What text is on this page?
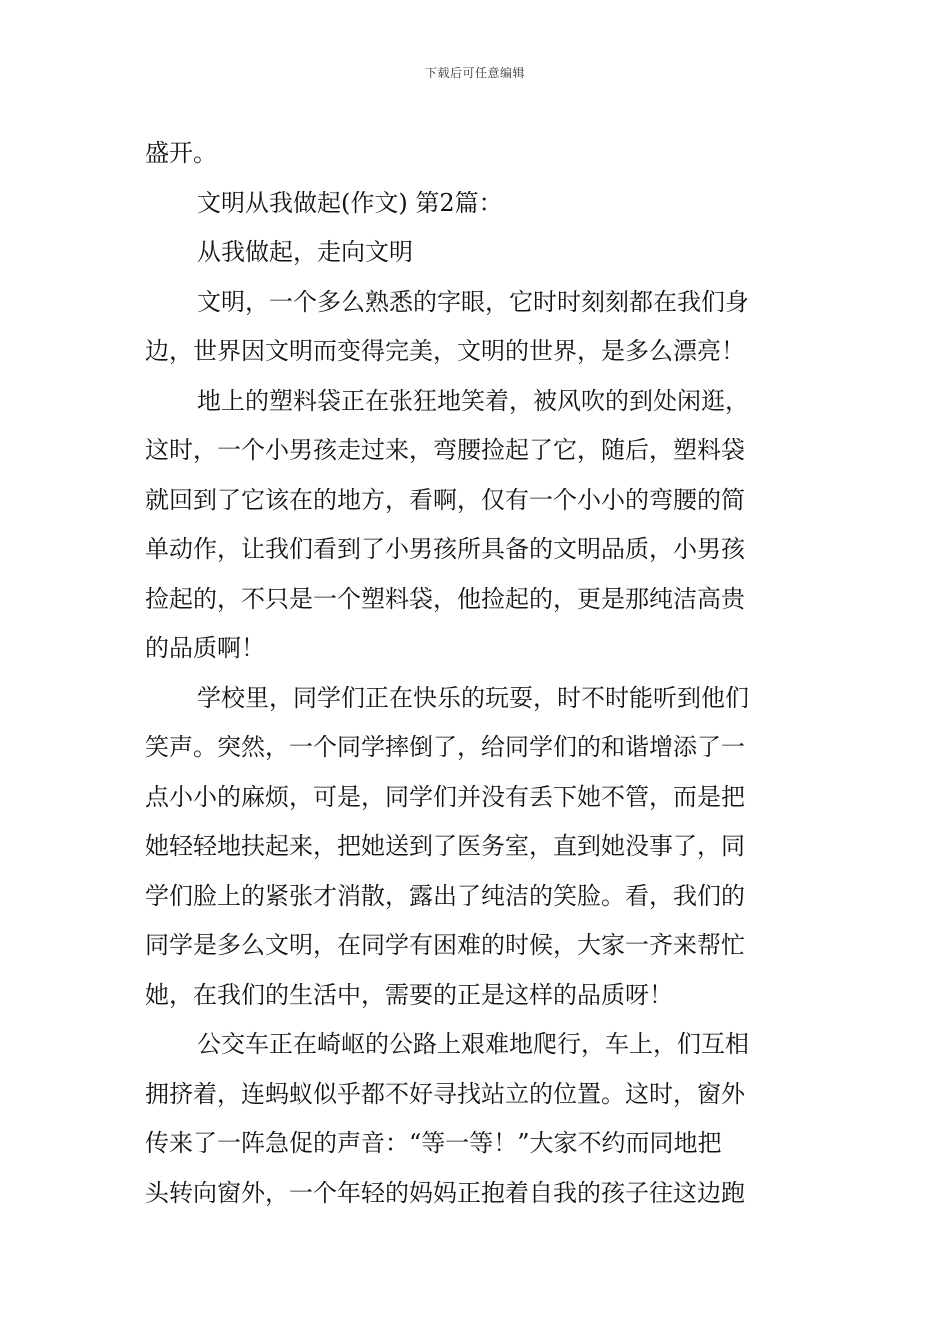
下载后可任意编辑

盛开。

文明从我做起(作文) 第2篇：

从我做起，走向文明

文明，一个多么熟悉的字眼，它时时刻刻都在我们身

边，世界因文明而变得完美，文明的世界，是多么漂亮！

地上的塑料袋正在张狂地笑着，被风吹的到处闲逛，

这时，一个小男孩走过来，弯腰捡起了它，随后，塑料袋

就回到了它该在的地方，看啊，仅有一个小小的弯腰的简

单动作，让我们看到了小男孩所具备的文明品质，小男孩

捡起的，不只是一个塑料袋，他捡起的，更是那纯洁高贵

的品质啊！

学校里，同学们正在快乐的玩耍，时不时能听到他们

笑声。突然，一个同学摔倒了，给同学们的和谐增添了一

点小小的麻烦，可是，同学们并没有丢下她不管，而是把

她轻轻地扶起来，把她送到了医务室，直到她没事了，同

学们脸上的紧张才消散，露出了纯洁的笑脸。看，我们的

同学是多么文明，在同学有困难的时候，大家一齐来帮忙

她，在我们的生活中，需要的正是这样的品质呀！

公交车正在崎岖的公路上艰难地爬行，车上，们互相

拥挤着，连蚂蚁似乎都不好寻找站立的位置。这时，窗外

传来了一阵急促的声音：“等一等！”大家不约而同地把

头转向窗外，一个年轻的妈妈正抱着自我的孩子往这边跑
